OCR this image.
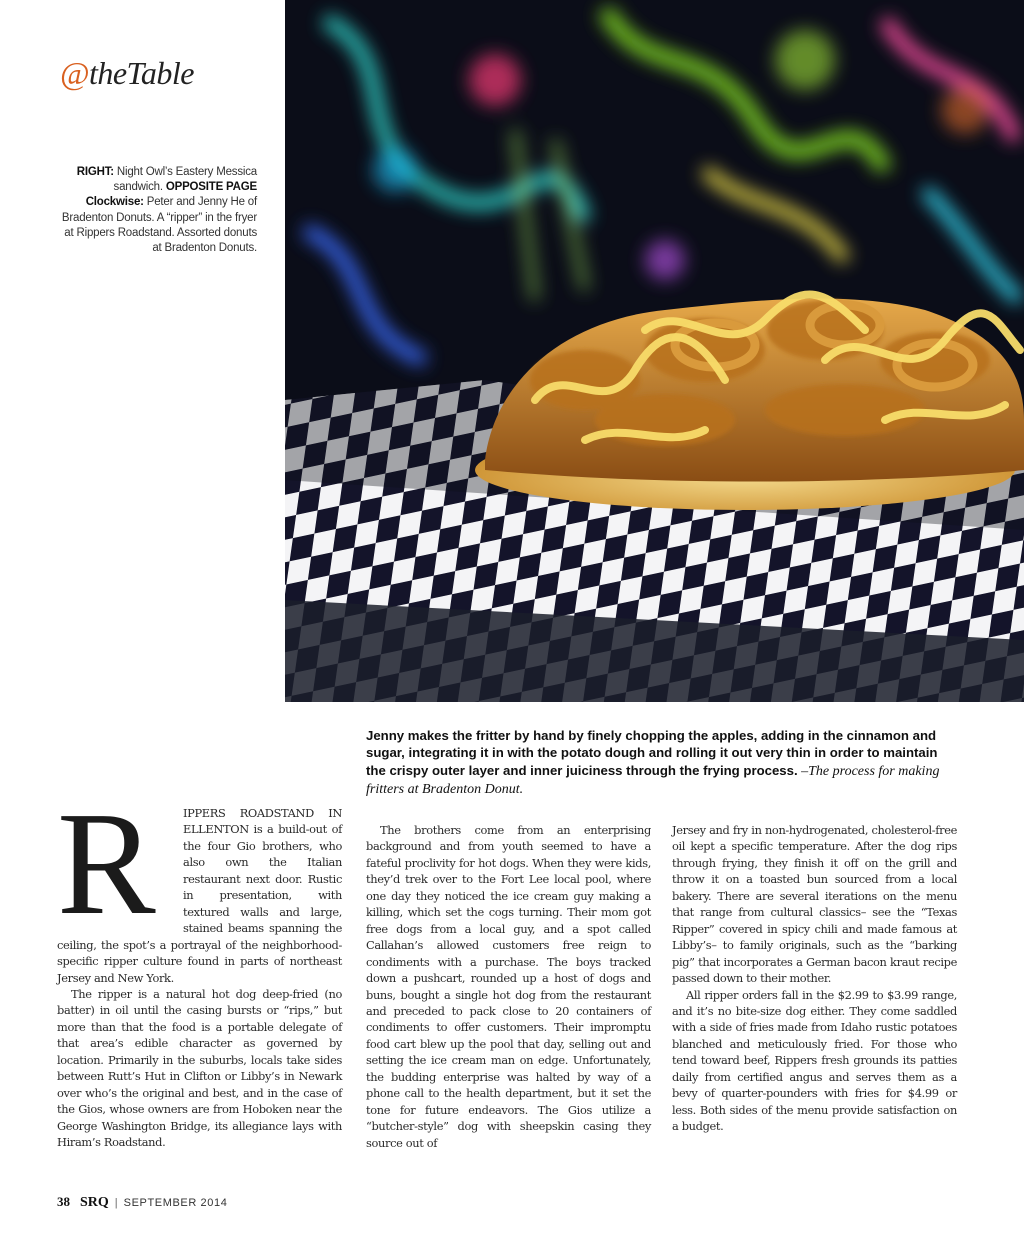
@theTable
RIGHT: Night Owl’s Eastery Messica sandwich. OPPOSITE PAGE Clockwise: Peter and Jenny He of Bradenton Donuts. A “ripper” in the fryer at Rippers Roadstand. Assorted donuts at Bradenton Donuts.
Jenny makes the fritter by hand by finely chopping the apples, adding in the cinnamon and sugar, integrating it in with the potato dough and rolling it out very thin in order to maintain the crispy outer layer and inner juiciness through the frying process. –The process for making fritters at Bradenton Donut.

R	IPPERS ROADSTAND IN ELLENTON is a build-out of the four Gio brothers, who also own the Italian restaurant next door. Rustic in presentation, with textured walls and large, stained beams spanning the ceiling, the spot’s a portrayal of the neighborhood-specific ripper culture found in parts of northeast Jersey and New York.

The ripper is a natural hot dog deep-fried (no batter) in oil until the casing bursts or “rips,” but more than that the food is a portable delegate of that area’s edible character as governed by location. Primarily in the suburbs, locals take sides between Rutt’s Hut in Clifton or Libby’s in Newark over who’s the original and best, and in the case of the Gios, whose owners are from Hoboken near the George Washington Bridge, its allegiance lays with Hiram’s Roadstand.

The brothers come from an enterprising background and from youth seemed to have a fateful proclivity for hot dogs. When they were kids, they’d trek over to the Fort Lee local pool, where one day they noticed the ice cream guy making a killing, which set the cogs turning. Their mom got free dogs from a local guy, and a spot called Callahan’s allowed customers free reign to condiments with a purchase. The boys tracked down a pushcart, rounded up a host of dogs and buns, bought a single hot dog from the restaurant and preceded to pack close to 20 containers of condiments to offer customers. Their impromptu food cart blew up the pool that day, selling out and setting the ice cream man on edge. Unfortunately, the budding enterprise was halted by way of a phone call to the health department, but it set the tone for future endeavors. The Gios utilize a “butcher-style” dog with sheepskin casing they source out of

Jersey and fry in non-hydrogenated, cholesterol-free oil kept a specific temperature. After the dog rips through frying, they finish it off on the grill and throw it on a toasted bun sourced from a local bakery. There are several iterations on the menu that range from cultural classics– see the “Texas Ripper” covered in spicy chili and made famous at Libby’s– to family originals, such as the “barking pig” that incorporates a German bacon kraut recipe passed down to their mother.

All ripper orders fall in the $2.99 to $3.99 range, and it’s no bite-size dog either. They come saddled with a side of fries made from Idaho rustic potatoes blanched and meticulously fried. For those who tend toward beef, Rippers fresh grounds its patties daily from certified angus and serves them as a bevy of quarter-pounders with fries for $4.99 or less. Both sides of the menu provide satisfaction on a budget.

38 SRQ | SEPTEMBER 2014
